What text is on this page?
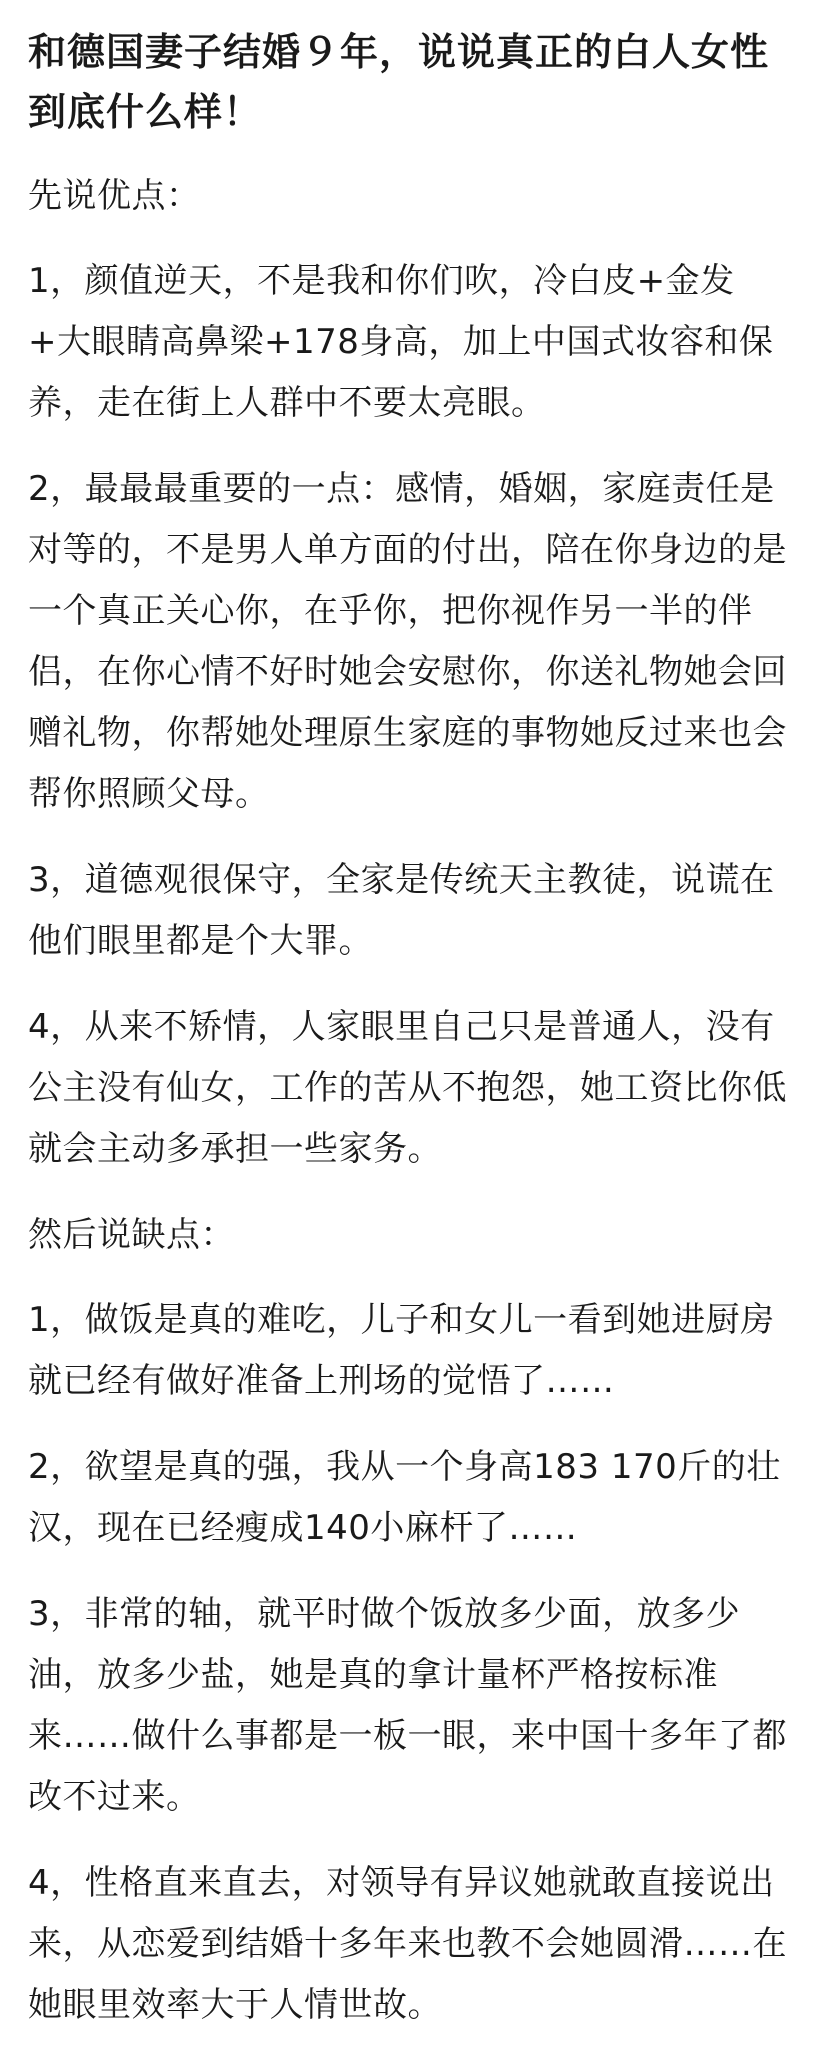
和德国妻子结婚９年，说说真正的白人女性到底什么样！
先说优点：
1，颜值逆天，不是我和你们吹，冷白皮+金发+大眼睛高鼻梁+178身高，加上中国式妆容和保养，走在街上人群中不要太亮眼。
2，最最最重要的一点：感情，婚姻，家庭责任是对等的，不是男人单方面的付出，陪在你身边的是一个真正关心你，在乎你，把你视作另一半的伴侣，在你心情不好时她会安慰你，你送礼物她会回赠礼物，你帮她处理原生家庭的事物她反过来也会帮你照顾父母。
3，道德观很保守，全家是传统天主教徒，说谎在他们眼里都是个大罪。
4，从来不矫情，人家眼里自己只是普通人，没有公主没有仙女，工作的苦从不抱怨，她工资比你低就会主动多承担一些家务。
然后说缺点：
1，做饭是真的难吃，儿子和女儿一看到她进厨房就已经有做好准备上刑场的觉悟了……
2，欲望是真的强，我从一个身高183 170斤的壮汉，现在已经瘦成140小麻杆了……
3，非常的轴，就平时做个饭放多少面，放多少油，放多少盐，她是真的拿计量杯严格按标准来……做什么事都是一板一眼，来中国十多年了都改不过来。
4，性格直来直去，对领导有异议她就敢直接说出来，从恋爱到结婚十多年来也教不会她圆滑……在她眼里效率大于人情世故。
